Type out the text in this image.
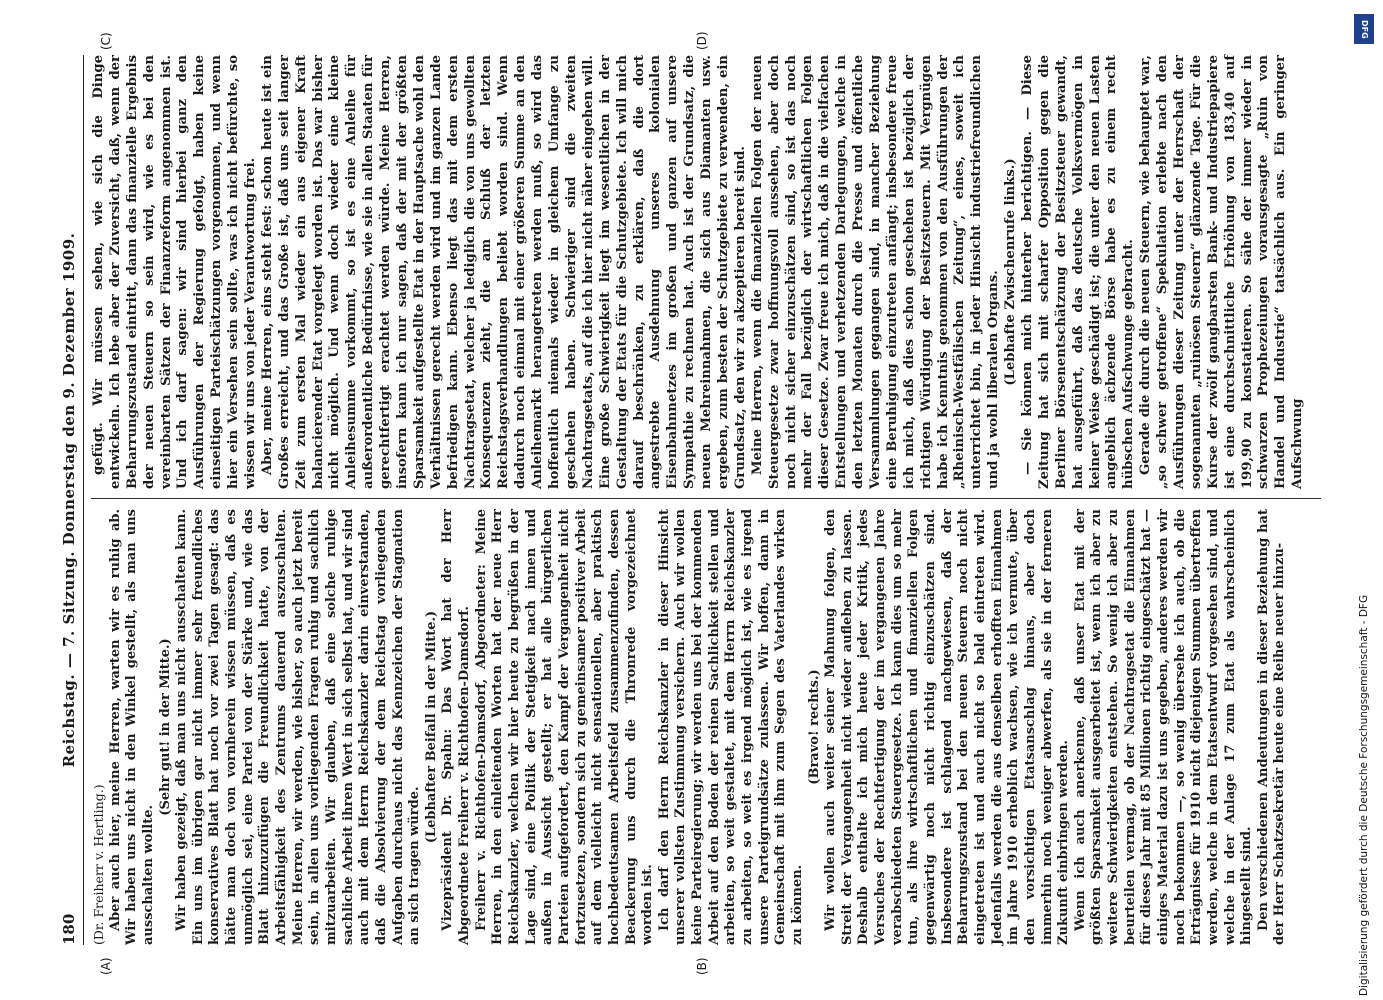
180
Reichstag. — 7. Sitzung. Donnerstag den 9. Dezember 1909.
(A)	(B)
(C)	(D)

(Dr. Freiherr v. Hertling.) Aber auch hier, meine Herren, warten wir es ruhig ab. Wir haben uns nicht in den Winkel gestellt, als man uns ausschalten wollte.

(Sehr gut! in der Mitte.) Wir haben gezeigt, daß man uns nicht ausschalten kann. Ein uns im übrigen gar nicht immer sehr freundliches konservatives Blatt hat noch vor zwei Tagen gesagt: das hätte man doch von vornherein wissen müssen, daß es unmöglich sei, eine Partei von der Stärke und, wie das Blatt hinzuzufügen die Freundlichkeit hatte, von der Arbeitsfähigkeit des Zentrums dauernd auszuschalten. Meine Herren, wir werden, wie bisher, so auch jetzt bereit sein, in allen uns vorliegenden Fragen ruhig und sachlich mitzuarbeiten. Wir glauben, daß eine solche ruhige sachliche Arbeit ihren Wert in sich selbst hat, und wir sind auch mit dem Herrn Reichskanzler darin einverstanden, daß die Absolvierung der dem Reichstag vorliegenden Aufgaben durchaus nicht das Kennzeichen der Stagnation an sich tragen würde.

(Lebhafter Beifall in der Mitte.) Vizepräsident Dr. Spahn: Das Wort hat der Herr Abgeordnete Freiherr v. Richthofen-Damsdorf. Freiherr v. Richthofen-Damsdorf, Abgeordneter: Meine Herren, in den einleitenden Worten hat der neue Herr Reichskanzler, welchen wir hier heute zu begrüßen in der Lage sind, eine Politik der Stetigkeit nach innen und außen in Aussicht gestellt; er hat alle bürgerlichen Parteien aufgefordert, den Kampf der Vergangenheit nicht fortzusetzen, sondern sich zu gemeinsamer positiver Arbeit auf dem vielleicht nicht sensationellen, aber praktisch hochbedeutsamen Arbeitsfeld zusammenzufinden, dessen Beackerung uns durch die Thronrede vorgezeichnet worden ist. Ich darf den Herrn Reichskanzler in dieser Hinsicht unserer vollsten Zustimmung versichern. Auch wir wollen keine Parteiregierung; wir werden uns bei der kommenden Arbeit auf den Boden der reinen Sachlichkeit stellen und arbeiten, so weit gestaltet, mit dem Herrn Reichskanzler zu arbeiten, so weit es irgend möglich ist, wie es irgend unsere Parteigrundsätze zulassen. Wir hoffen, dann in Gemeinschaft mit ihm zum Segen des Vaterlandes wirken zu können.

(Bravo! rechts.) Wir wollen auch weiter seiner Mahnung folgen, den Streit der Vergangenheit nicht wieder aufleben zu lassen. Deshalb enthalte ich mich heute jeder Kritik, jedes Versuches der Rechtfertigung der im vergangenen Jahre verabschiedeten Steuergesetze. Ich kann dies um so mehr tun, als ihre wirtschaftlichen und finanziellen Folgen gegenwärtig noch nicht richtig einzuschätzen sind. Insbesondere ist schlagend nachgewiesen, daß der Beharrungszustand bei den neuen Steuern noch nicht eingetreten ist und auch nicht so bald eintreten wird. Jedenfalls werden die aus denselben erhofften Einnahmen im Jahre 1910 erheblich wachsen, wie ich vermute, über den vorsichtigen Etatsanschlag hinaus, aber doch immerhin noch weniger abwerfen, als sie in der ferneren Zukunft einbringen werden. Wenn ich auch anerkenne, daß unser Etat mit der größten Sparsamkeit ausgearbeitet ist, wenn ich aber zu weitere Schwierigkeiten entstehen. So wenig ich aber zu beurteilen vermag, ob der Nachtragsetat die Einnahmen für dieses Jahr mit 85 Millionen richtig eingeschätzt hat — einiges Material dazu ist uns gegeben, anderes werden wir noch bekommen —, so wenig übersehe ich auch, ob die Erträgnisse für 1910 nicht diejenigen Summen übertreffen werden, welche in dem Etatsentwurf vorgesehen sind, und welche in der Anlage 17 zum Etat als wahrscheinlich hingestellt sind. Den verschiedenen Andeutungen in dieser Beziehung hat der Herr Schatzsekretär heute eine Reihe neuer hinzu-

gefügt. Wir müssen sehen, wie sich die Dinge entwickeln. Ich lebe aber der Zuversicht, daß, wenn der Beharrungszustand eintritt, dann das finanzielle Ergebnis der neuen Steuern so sein wird, wie es bei den vereinbarten Sätzen der Finanzreform angenommen ist. Und ich darf sagen: wir sind hierbei ganz den Ausführungen der Regierung gefolgt, haben keine einseitigen Parteischätzungen vorgenommen, und wenn hier ein Versehen sein sollte, was ich nicht befürchte, so wissen wir uns von jeder Verantwortung frei. Aber, meine Herren, eins steht fest: schon heute ist ein Großes erreicht, und das Große ist, daß uns seit langer Zeit zum ersten Mal wieder ein aus eigener Kraft balancierender Etat vorgelegt worden ist. Das war bisher nicht möglich. Und wenn doch wieder eine kleine Anleihesumme vorkommt, so ist es eine Anleihe für außerordentliche Bedürfnisse, wie sie in allen Staaten für gerechtfertigt erachtet werden würde. Meine Herren, insofern kann ich nur sagen, daß der mit der größten Sparsamkeit aufgestellte Etat in der Hauptsache wohl den Verhältnissen gerecht werden wird und im ganzen Lande befriedigen kann. Ebenso liegt das mit dem ersten Nachtragsetat, welcher ja lediglich die von uns gewollten Konsequenzen zieht, die am Schluß der letzten Reichstagsverhandlungen beliebt worden sind. Wenn dadurch noch einmal mit einer größeren Summe an den Anleihemarkt herangetreten werden muß, so wird das hoffentlich niemals wieder in gleichem Umfange zu geschehen haben. Schwieriger sind die zweiten Nachtragsetats, auf die ich hier nicht näher eingehen will. Eine große Schwierigkeit liegt im wesentlichen in der Gestaltung der Etats für die Schutzgebiete. Ich will mich darauf beschränken, zu erklären, daß die dort angestrebte Ausdehnung unseres kolonialen Eisenbahnnetzes im großen und ganzen auf unsere Sympathie zu rechnen hat. Auch ist der Grundsatz, die neuen Mehreinnahmen, die sich aus Diamanten usw. ergeben, zum besten der Schutzgebiete zu verwenden, ein Grundsatz, den wir zu akzeptieren bereit sind. Meine Herren, wenn die finanziellen Folgen der neuen Steuergesetze zwar hoffnungsvoll aussehen, aber doch noch nicht sicher einzuschätzen sind, so ist das noch mehr der Fall bezüglich der wirtschaftlichen Folgen dieser Gesetze. Zwar freue ich mich, daß in die vielfachen Entstellungen und verhetzenden Darlegungen, welche in den letzten Monaten durch die Presse und öffentliche Versammlungen gegangen sind, in mancher Beziehung eine Beruhigung einzutreten anfängt; insbesondere freue ich mich, daß dies schon geschehen ist bezüglich der richtigen Würdigung der Besitzsteuern. Mit Vergnügen habe ich Kenntnis genommen von den Ausführungen der „Rheinisch-Westfälischen Zeitung“, eines, soweit ich unterrichtet bin, in jeder Hinsicht industriefreundlichen und ja wohl liberalen Organs. (Lebhafte Zwischenrufe links.) — Sie können mich hinterher berichtigen. — Diese Zeitung hat sich mit scharfer Opposition gegen die Berliner Börsenentschätzung der Besitzsteuer gewandt, hat ausgeführt, daß das deutsche Volksvermögen in keiner Weise geschädigt ist; die unter den neuen Lasten angeblich ächzende Börse habe es zu einem recht hübschen Aufschwunge gebracht. Gerade die durch die neuen Steuern, wie behauptet war, „so schwer getroffene“ Spekulation erlebte nach den Ausführungen dieser Zeitung unter der Herrschaft der sogenannten „ruinösen Steuern“ glänzende Tage. Für die Kurse der zwölf gangbarsten Bank- und Industriepapiere ist eine durchschnittliche Erhöhung von 183,40 auf 199,90 zu konstatieren. So sähe der immer wieder in schwarzen Prophezeiungen vorausgesagte „Ruin von Handel und Industrie“ tatsächlich aus. Ein geringer Aufschwung

DFG
Digitalisierung gefördert durch die Deutsche Forschungsgemeinschaft - DFG
